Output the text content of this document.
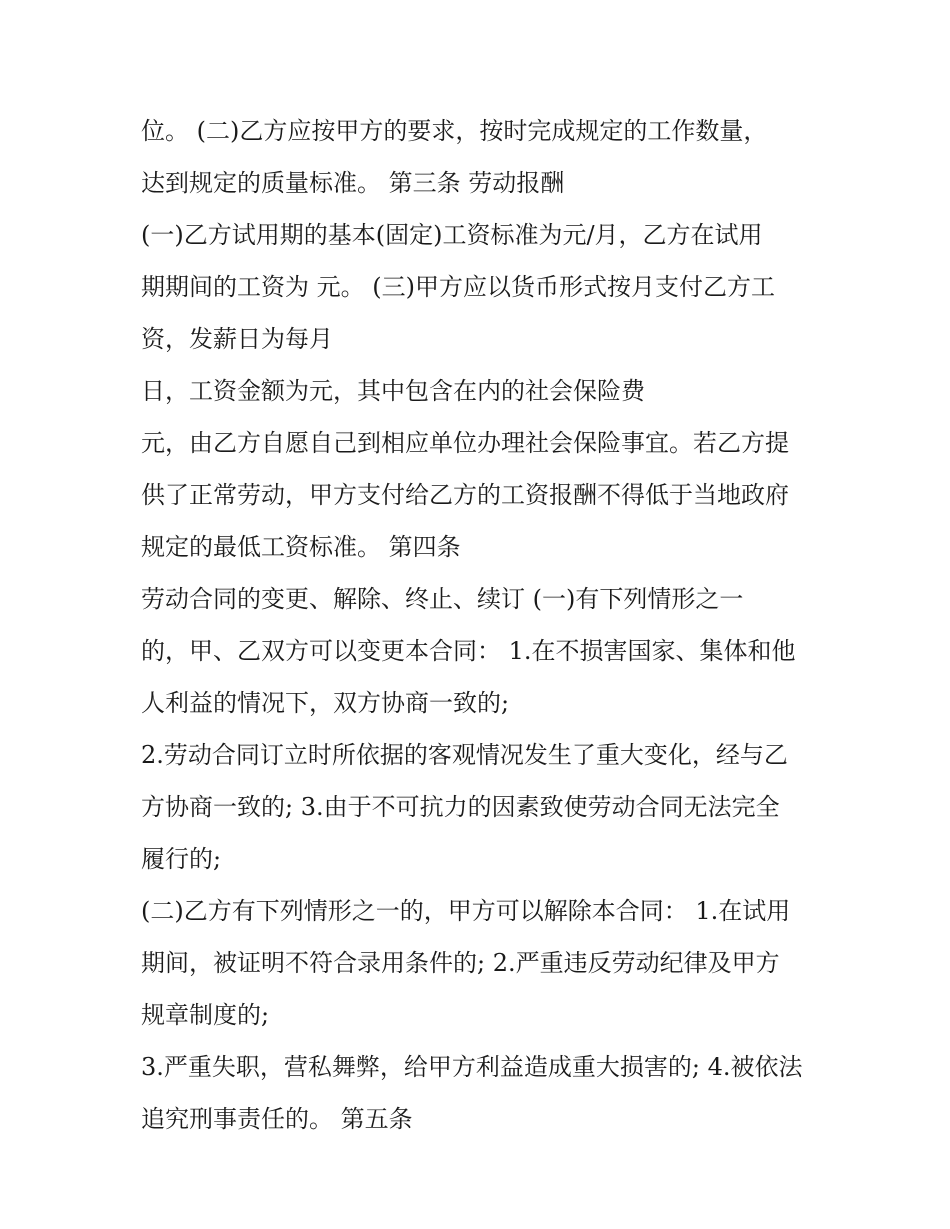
位。 (二)乙方应按甲方的要求，按时完成规定的工作数量，
达到规定的质量标准。 第三条 劳动报酬
(一)乙方试用期的基本(固定)工资标准为元/月，乙方在试用
期期间的工资为 元。 (三)甲方应以货币形式按月支付乙方工
资，发薪日为每月
日，工资金额为元，其中包含在内的社会保险费
元，由乙方自愿自己到相应单位办理社会保险事宜。若乙方提
供了正常劳动，甲方支付给乙方的工资报酬不得低于当地政府
规定的最低工资标准。 第四条
劳动合同的变更、解除、终止、续订 (一)有下列情形之一
的，甲、乙双方可以变更本合同： 1.在不损害国家、集体和他
人利益的情况下，双方协商一致的;
2.劳动合同订立时所依据的客观情况发生了重大变化，经与乙
方协商一致的; 3.由于不可抗力的因素致使劳动合同无法完全
履行的;
(二)乙方有下列情形之一的，甲方可以解除本合同： 1.在试用
期间，被证明不符合录用条件的; 2.严重违反劳动纪律及甲方
规章制度的;
3.严重失职，营私舞弊，给甲方利益造成重大损害的; 4.被依法
追究刑事责任的。 第五条
